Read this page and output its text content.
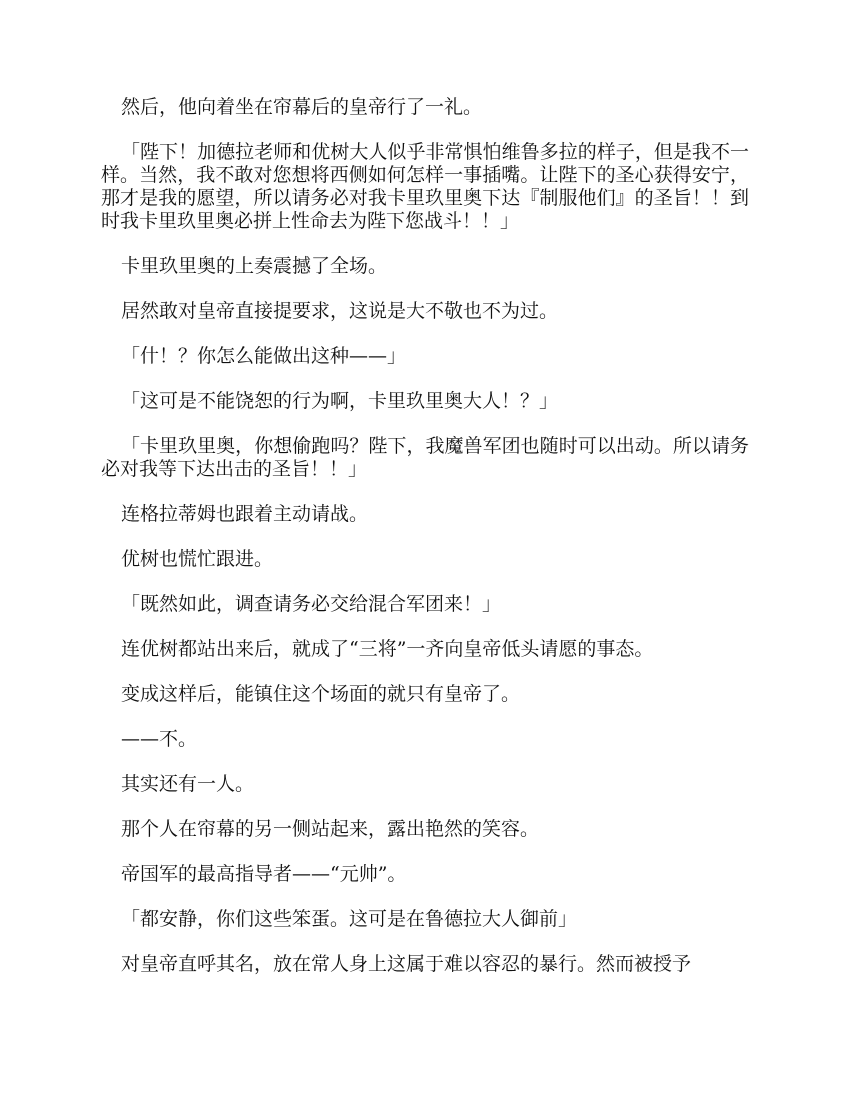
然后，他向着坐在帘幕后的皇帝行了一礼。

「陛下！加德拉老师和优树大人似乎非常惧怕维鲁多拉的样子，但是我不一样。当然，我不敢对您想将西侧如何怎样一事插嘴。让陛下的圣心获得安宁，那才是我的愿望，所以请务必对我卡里玖里奥下达『制服他们』的圣旨！！到时我卡里玖里奥必拼上性命去为陛下您战斗！！」

卡里玖里奥的上奏震撼了全场。

居然敢对皇帝直接提要求，这说是大不敬也不为过。

「什！？你怎么能做出这种——」

「这可是不能饶恕的行为啊，卡里玖里奥大人！？」

「卡里玖里奥，你想偷跑吗？陛下，我魔兽军团也随时可以出动。所以请务必对我等下达出击的圣旨！！」

连格拉蒂姆也跟着主动请战。

优树也慌忙跟进。

「既然如此，调查请务必交给混合军团来！」

连优树都站出来后，就成了“三将”一齐向皇帝低头请愿的事态。

变成这样后，能镇住这个场面的就只有皇帝了。

——不。

其实还有一人。

那个人在帘幕的另一侧站起来，露出艳然的笑容。

帝国军的最高指导者——“元帅”。

「都安静，你们这些笨蛋。这可是在鲁德拉大人御前」

对皇帝直呼其名，放在常人身上这属于难以容忍的暴行。然而被授予
